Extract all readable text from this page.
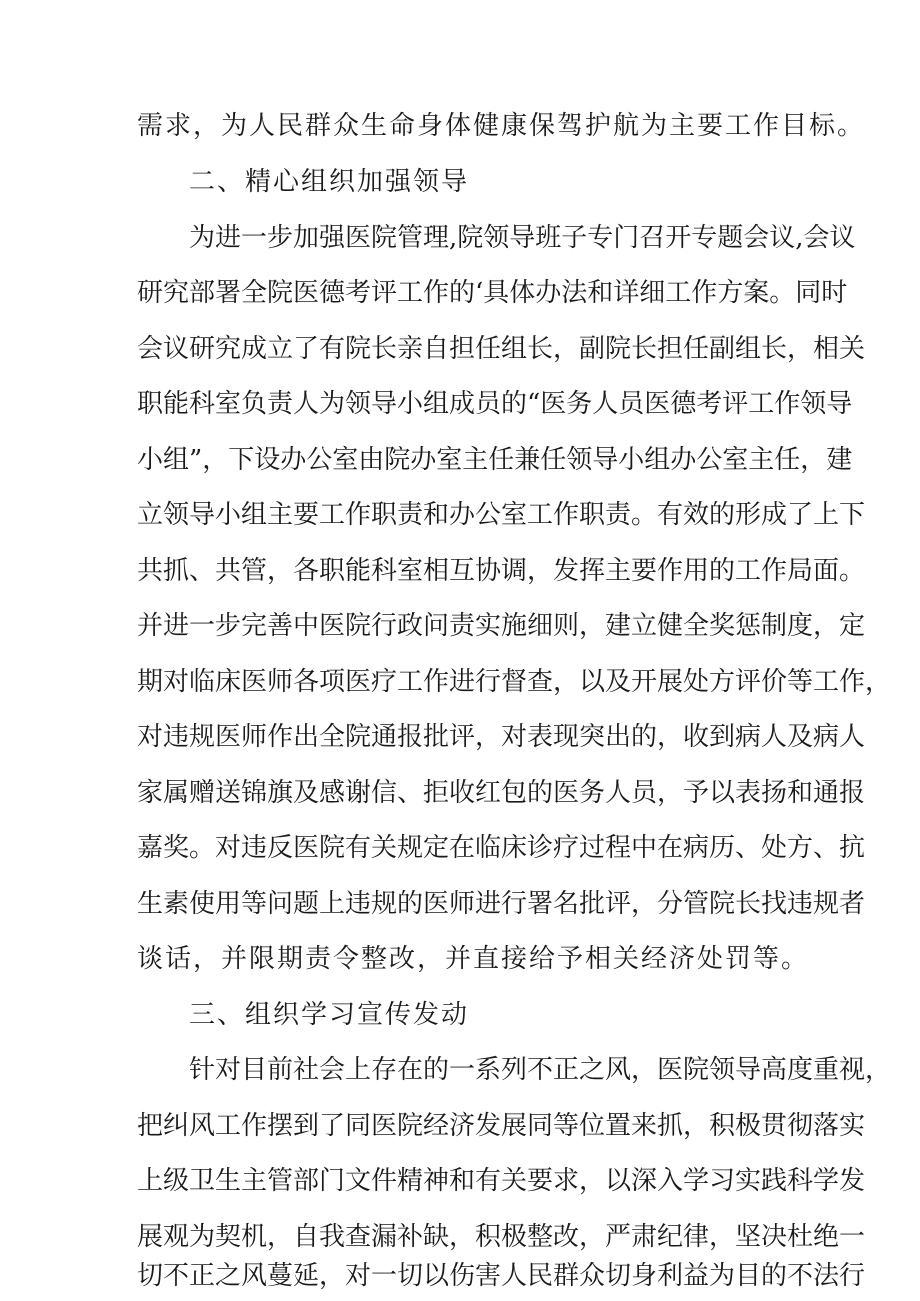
需求，为人民群众生命身体健康保驾护航为主要工作目标。
二、精心组织加强领导
为进一步加强医院管理,院领导班子专门召开专题会议,会议
研究部署全院医德考评工作的‘具体办法和详细工作方案。同时
会议研究成立了有院长亲自担任组长，副院长担任副组长，相关
职能科室负责人为领导小组成员的“医务人员医德考评工作领导
小组”，下设办公室由院办室主任兼任领导小组办公室主任，建
立领导小组主要工作职责和办公室工作职责。有效的形成了上下
共抓、共管，各职能科室相互协调，发挥主要作用的工作局面。
并进一步完善中医院行政问责实施细则，建立健全奖惩制度，定
期对临床医师各项医疗工作进行督查，以及开展处方评价等工作，
对违规医师作出全院通报批评，对表现突出的，收到病人及病人
家属赠送锦旗及感谢信、拒收红包的医务人员，予以表扬和通报
嘉奖。对违反医院有关规定在临床诊疗过程中在病历、处方、抗
生素使用等问题上违规的医师进行署名批评，分管院长找违规者
谈话，并限期责令整改，并直接给予相关经济处罚等。
三、组织学习宣传发动
针对目前社会上存在的一系列不正之风，医院领导高度重视，
把纠风工作摆到了同医院经济发展同等位置来抓，积极贯彻落实
上级卫生主管部门文件精神和有关要求，以深入学习实践科学发
展观为契机，自我查漏补缺，积极整改，严肃纪律，坚决杜绝一
切不正之风蔓延，对一切以伤害人民群众切身利益为目的不法行
